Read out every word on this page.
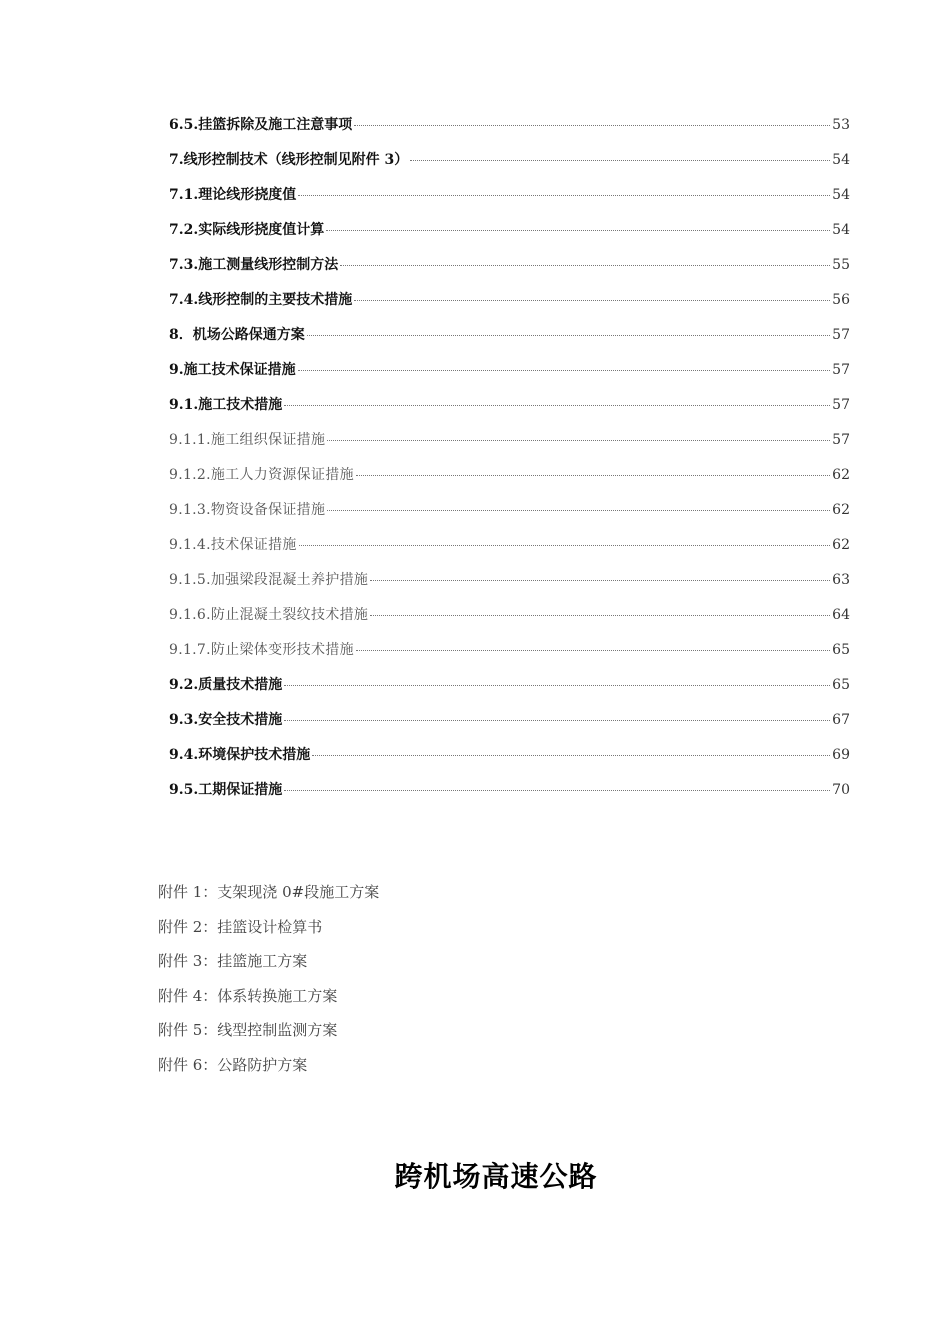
6.5.挂篮拆除及施工注意事项	53
7.线形控制技术（线形控制见附件 3）	54
7.1.理论线形挠度值	54
7.2.实际线形挠度值计算	54
7.3.施工测量线形控制方法	55
7.4.线形控制的主要技术措施	56
8．机场公路保通方案	57
9.施工技术保证措施	57
9.1.施工技术措施	57
9.1.1.施工组织保证措施	57
9.1.2.施工人力资源保证措施	62
9.1.3.物资设备保证措施	62
9.1.4.技术保证措施	62
9.1.5.加强梁段混凝土养护措施	63
9.1.6.防止混凝土裂纹技术措施	64
9.1.7.防止梁体变形技术措施	65
9.2.质量技术措施	65
9.3.安全技术措施	67
9.4.环境保护技术措施	69
9.5.工期保证措施	70
附件 1：支架现浇 0#段施工方案
附件 2：挂篮设计检算书
附件 3：挂篮施工方案
附件 4：体系转换施工方案
附件 5：线型控制监测方案
附件 6：公路防护方案
跨机场高速公路
